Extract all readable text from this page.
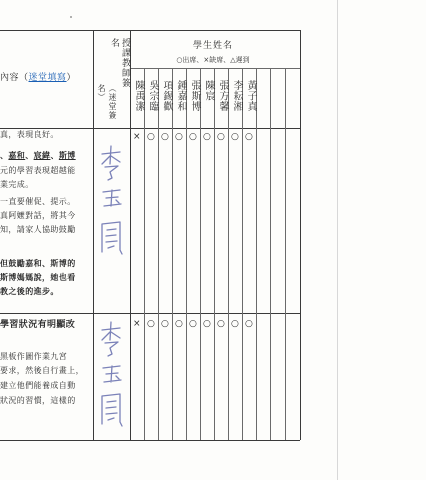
內容（迷堂填寫）	授課教師簽名
（迷堂簽名）
學生姓名
○出席、×缺席、△遲到
陳禹潔 吳宗臨 項錫歡 鍾嘉和 張斯博 陳宸 張方馨 李耘湘 黃子真
真，表現良好。
、嘉和、宸緯、斯博
元的學習表現超越能
業完成。
一直要催促、提示。
真阿嬤對話，將其今
知，請家人協助鼓勵
但鼓勵嘉和、斯博的
斯博媽媽說，她也看
教之後的進步。
學習狀況有明顯改
黑板作圖作業九宮
要求，然後自行畫上，
建立他們能養成自動
狀況的習慣，這樣的
× ○ ○ ○ ○ ○ ○ ○ ○
× ○ ○ ○ ○ ○ ○ ○ ○
